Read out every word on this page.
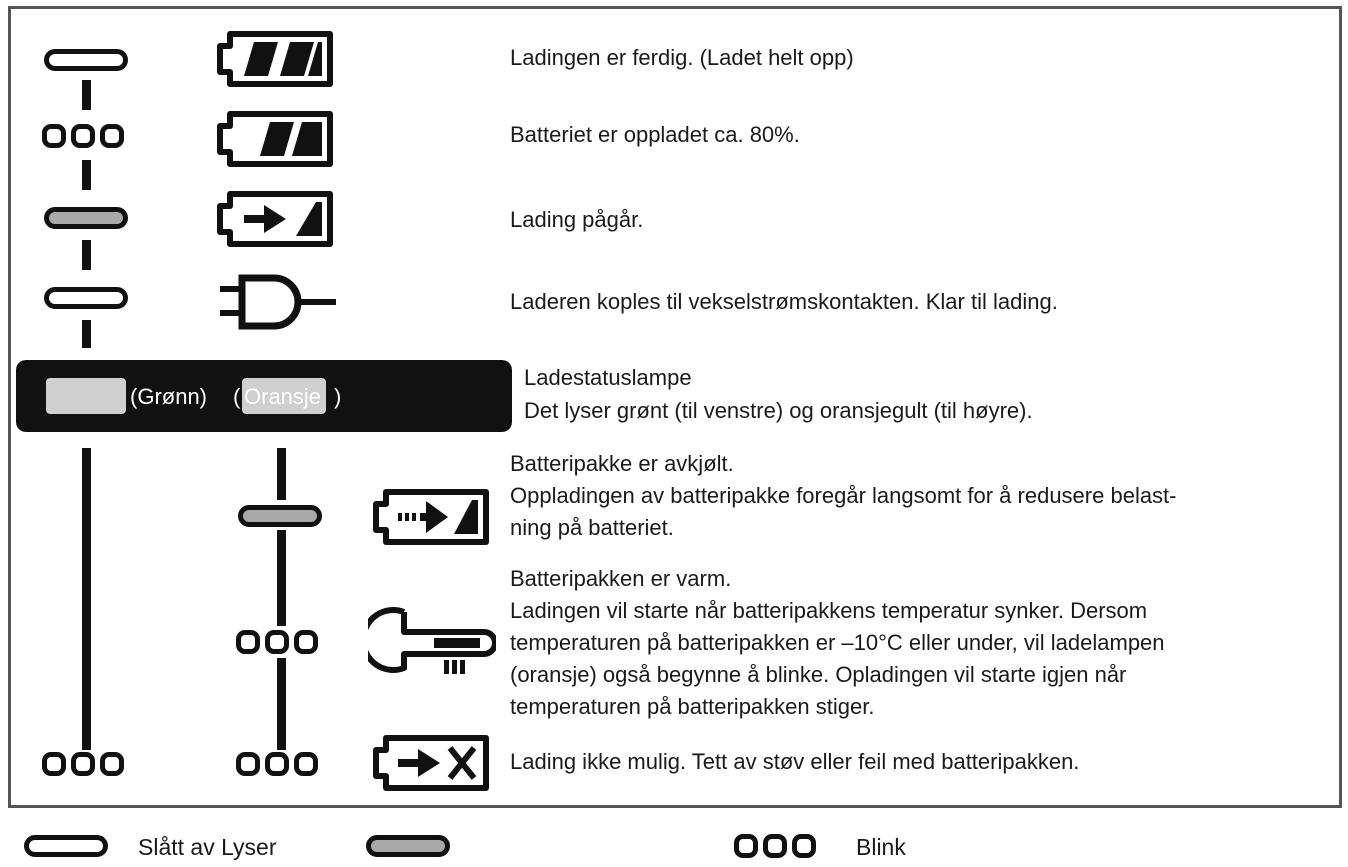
Ladingen er ferdig. (Ladet helt opp)
Batteriet er oppladet ca. 80%.
Lading pågår.
Laderen koples til vekselstrømskontakten. Klar til lading.
(Grønn) ( Oransje )
Ladestatuslampe
Det lyser grønt (til venstre) og oransjegult (til høyre).
Batteripakke er avkjølt.
Oppladingen av batteripakke foregår langsomt for å redusere belast-
ning på batteriet.
Batteripakken er varm.
Ladingen vil starte når batteripakkens temperatur synker. Dersom
temperaturen på batteripakken er –10°C eller under, vil ladelampen
(oransje) også begynne å blinke. Opladingen vil starte igjen når
temperaturen på batteripakken stiger.
Lading ikke mulig. Tett av støv eller feil med batteripakken.
Slått av Lyser	Blink
